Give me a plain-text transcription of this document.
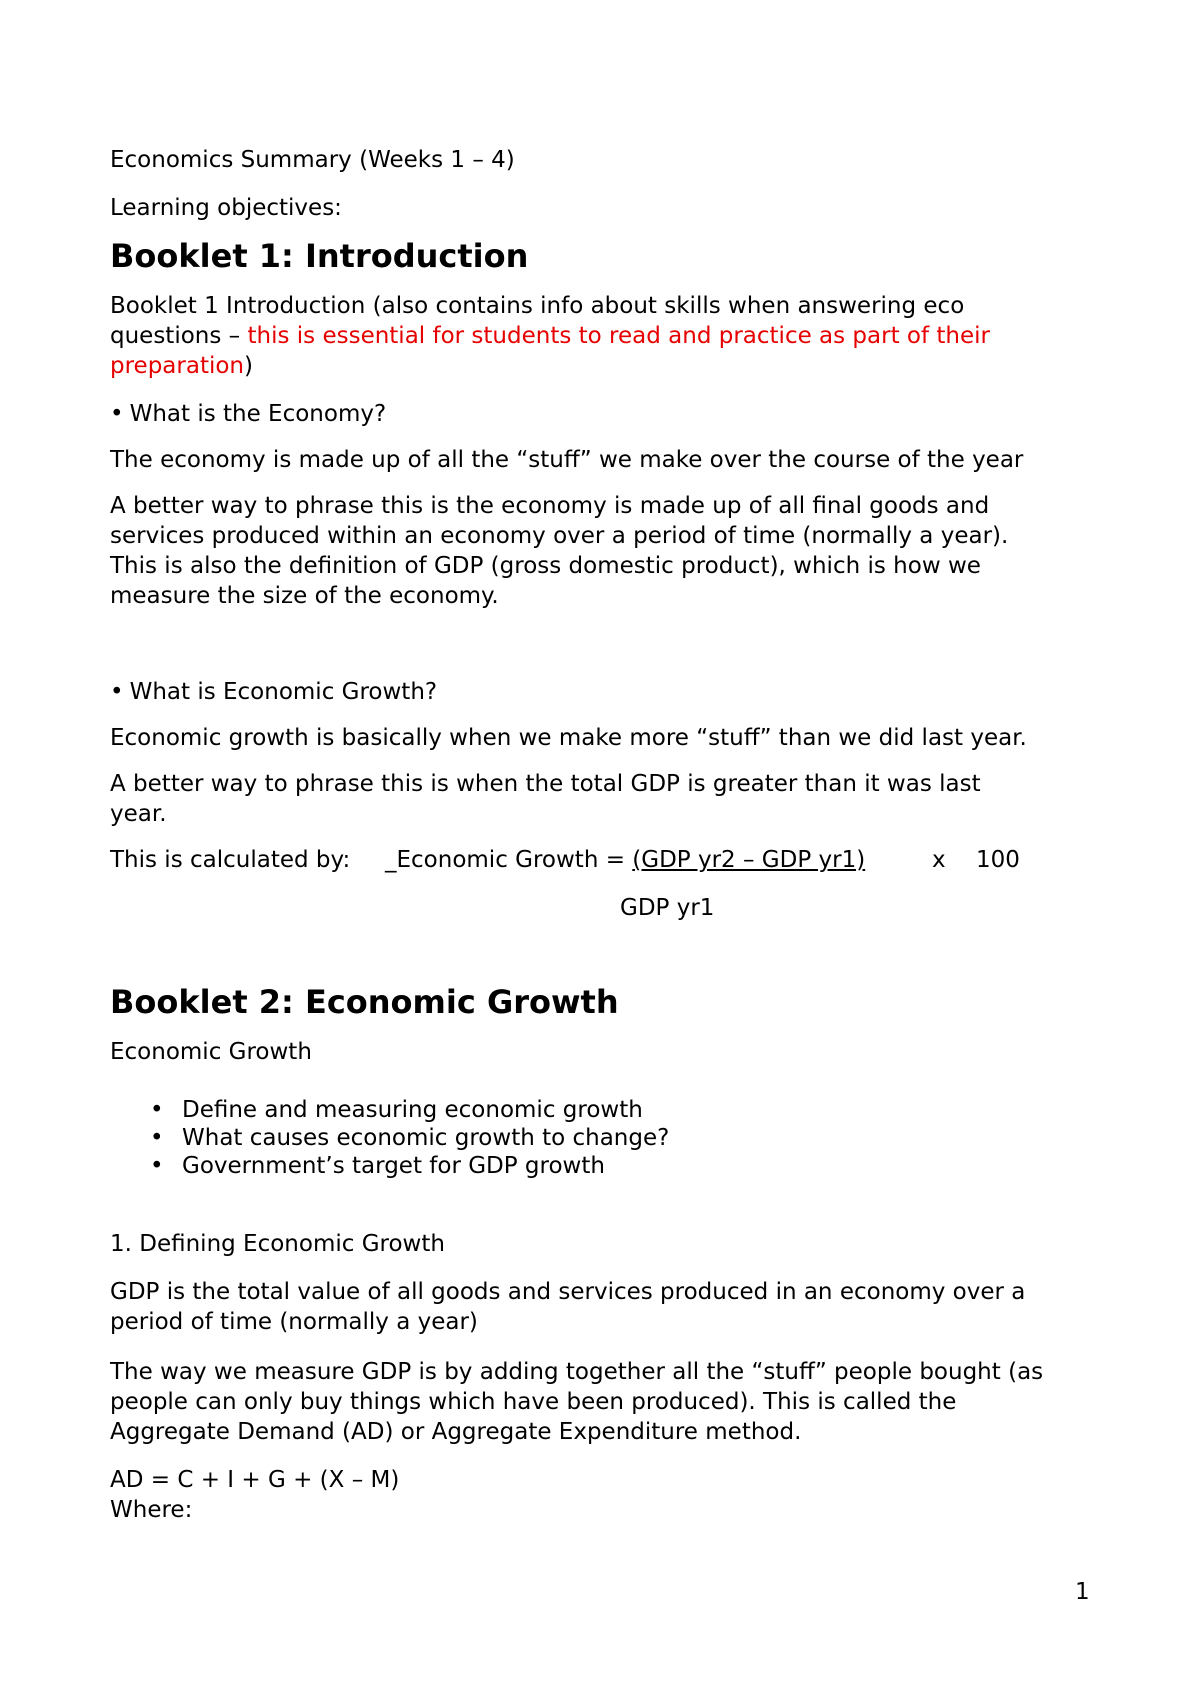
Economics Summary (Weeks 1 – 4)

Learning objectives:

Booklet 1: Introduction

Booklet 1 Introduction (also contains info about skills when answering eco

questions – this is essential for students to read and practice as part of their

preparation)

• What is the Economy?

The economy is made up of all the “stuff” we make over the course of the year

A better way to phrase this is the economy is made up of all final goods and

services produced within an economy over a period of time (normally a year).

This is also the definition of GDP (gross domestic product), which is how we

measure the size of the economy.

• What is Economic Growth?

Economic growth is basically when we make more “stuff” than we did last year.

A better way to phrase this is when the total GDP is greater than it was last

year.

This is calculated by: _Economic Growth = (GDP yr2 – GDP yr1)	x 100
GDP yr1
Booklet 2: Economic Growth

Economic Growth

• Define and measuring economic growth
• What causes economic growth to change?
• Government’s target for GDP growth

1. Defining Economic Growth

GDP is the total value of all goods and services produced in an economy over a

period of time (normally a year)

The way we measure GDP is by adding together all the “stuff” people bought (as

people can only buy things which have been produced). This is called the

Aggregate Demand (AD) or Aggregate Expenditure method.

AD = C + I + G + (X – M)

Where:

1
